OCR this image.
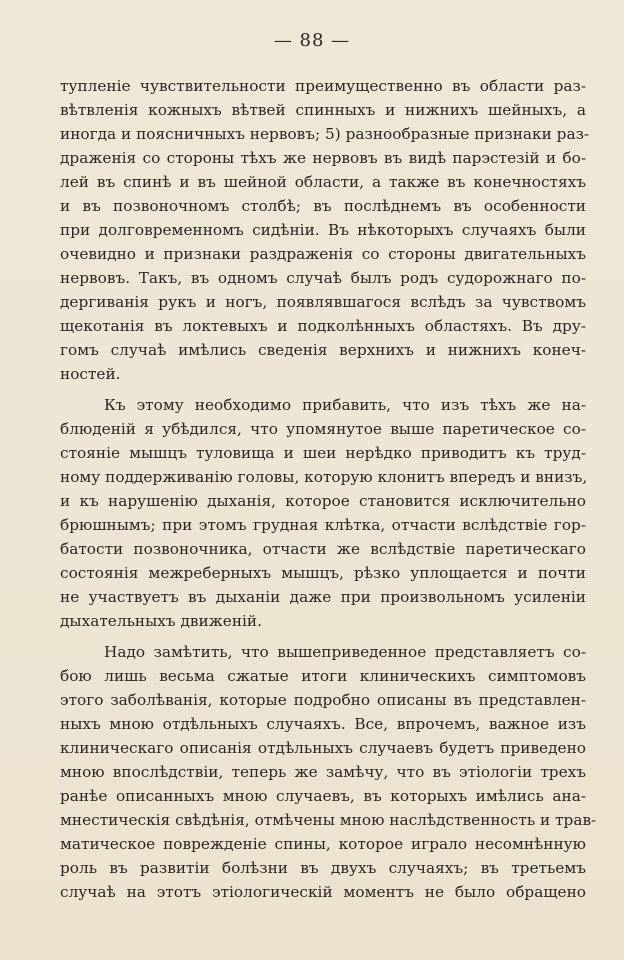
— 88 —
тупленіе чувствительности преимущественно въ области раз-
вѣтвленія кожныхъ вѣтвей спинныхъ и нижнихъ шейныхъ, а
иногда и поясничныхъ нервовъ; 5) разнообразные признаки раз-
драженія со стороны тѣхъ же нервовъ въ видѣ парэстезій и бо-
лей въ спинѣ и въ шейной области, а также въ конечностяхъ
и въ позвоночномъ столбѣ; въ послѣднемъ въ особенности
при долговременномъ сидѣніи. Въ нѣкоторыхъ случаяхъ были
очевидно и признаки раздраженія со стороны двигательныхъ
нервовъ. Такъ, въ одномъ случаѣ былъ родъ судорожнаго по-
дергиванія рукъ и ногъ, появлявшагося вслѣдъ за чувствомъ
щекотанія въ локтевыхъ и подколѣнныхъ областяхъ. Въ дру-
гомъ случаѣ имѣлись сведенія верхнихъ и нижнихъ конеч-
ностей.
Къ этому необходимо прибавить, что изъ тѣхъ же на-
блюденій я убѣдился, что упомянутое выше паретическое со-
стояніе мышцъ туловища и шеи нерѣдко приводитъ къ труд-
ному поддерживанію головы, которую клонитъ впередъ и внизъ,
и къ нарушенію дыханія, которое становится исключительно
брюшнымъ; при этомъ грудная клѣтка, отчасти вслѣдствіе гор-
батости позвоночника, отчасти же вслѣдствіе паретическаго
состоянія межреберныхъ мышцъ, рѣзко уплощается и почти
не участвуетъ въ дыханіи даже при произвольномъ усиленіи
дыхательныхъ движеній.
Надо замѣтить, что вышеприведенное представляетъ со-
бою лишь весьма сжатые итоги клиническихъ симптомовъ
этого заболѣванія, которые подробно описаны въ представлен-
ныхъ мною отдѣльныхъ случаяхъ. Все, впрочемъ, важное изъ
клиническаго описанія отдѣльныхъ случаевъ будетъ приведено
мною впослѣдствіи, теперь же замѣчу, что въ этіологіи трехъ
ранѣе описанныхъ мною случаевъ, въ которыхъ имѣлись ана-
мнестическія свѣдѣнія, отмѣчены мною наслѣдственность и трав-
матическое поврежденіе спины, которое играло несомнѣнную
роль въ развитіи болѣзни въ двухъ случаяхъ; въ третьемъ
случаѣ на этотъ этіологическій моментъ не было обращено
